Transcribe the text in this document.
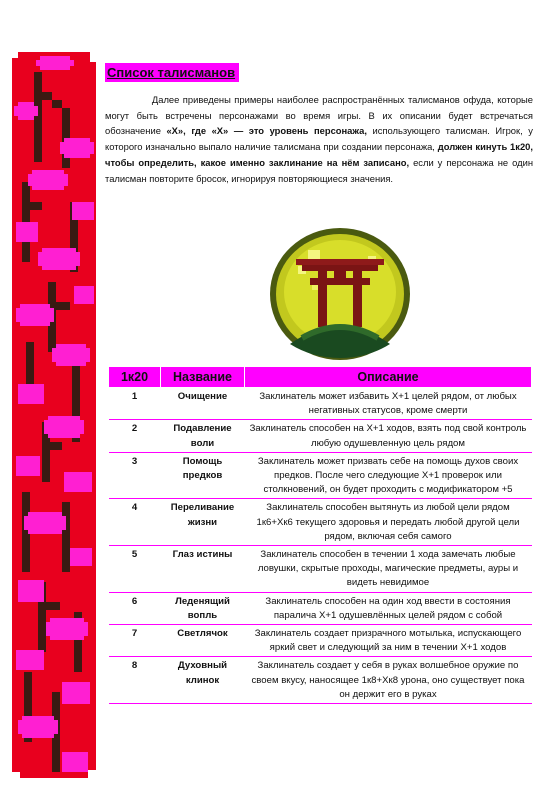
Список талисманов

     Далее приведены примеры наиболее распространённых талисманов офуда, которые могут быть встречены персонажами во время игры. В их описании будет встречаться обозначение «Х», где «Х» — это уровень персонажа, использующего талисман. Игрок, у которого изначально выпало наличие талисмана при создании персонажа, должен кинуть 1к20, чтобы определить, какое именно заклинание на нём записано, если у персонажа не один талисман повторите бросок, игнорируя повторяющиеся значения.

1к20	Название	Описание
1	Очищение	Заклинатель может избавить Х+1 целей рядом, от любых негативных статусов, кроме смерти
2	Подавление воли	Заклинатель способен на Х+1 ходов, взять под свой контроль любую одушевленную цель рядом
3	Помощь предков	Заклинатель может призвать себе на помощь духов своих предков. После чего следующие Х+1 проверок или столкновений, он будет проходить с модификатором +5
4	Переливание жизни	Заклинатель способен вытянуть из любой цели рядом 1к6+Хк6 текущего здоровья и передать любой другой цели рядом, включая себя самого
5	Глаз истины	Заклинатель способен в течении 1 хода замечать любые ловушки, скрытые проходы, магические предметы, ауры и видеть невидимое
6	Леденящий вопль	Заклинатель способен на один ход ввести в состояния паралича Х+1 одушевлённых целей рядом с собой
7	Светлячок	Заклинатель создает призрачного мотылька, испускающего яркий свет и следующий за ним в течении Х+1 ходов
8	Духовный клинок	Заклинатель создает у себя в руках волшебное оружие по своем вкусу, наносящее 1к8+Хк8 урона, оно существует пока он держит его в руках
